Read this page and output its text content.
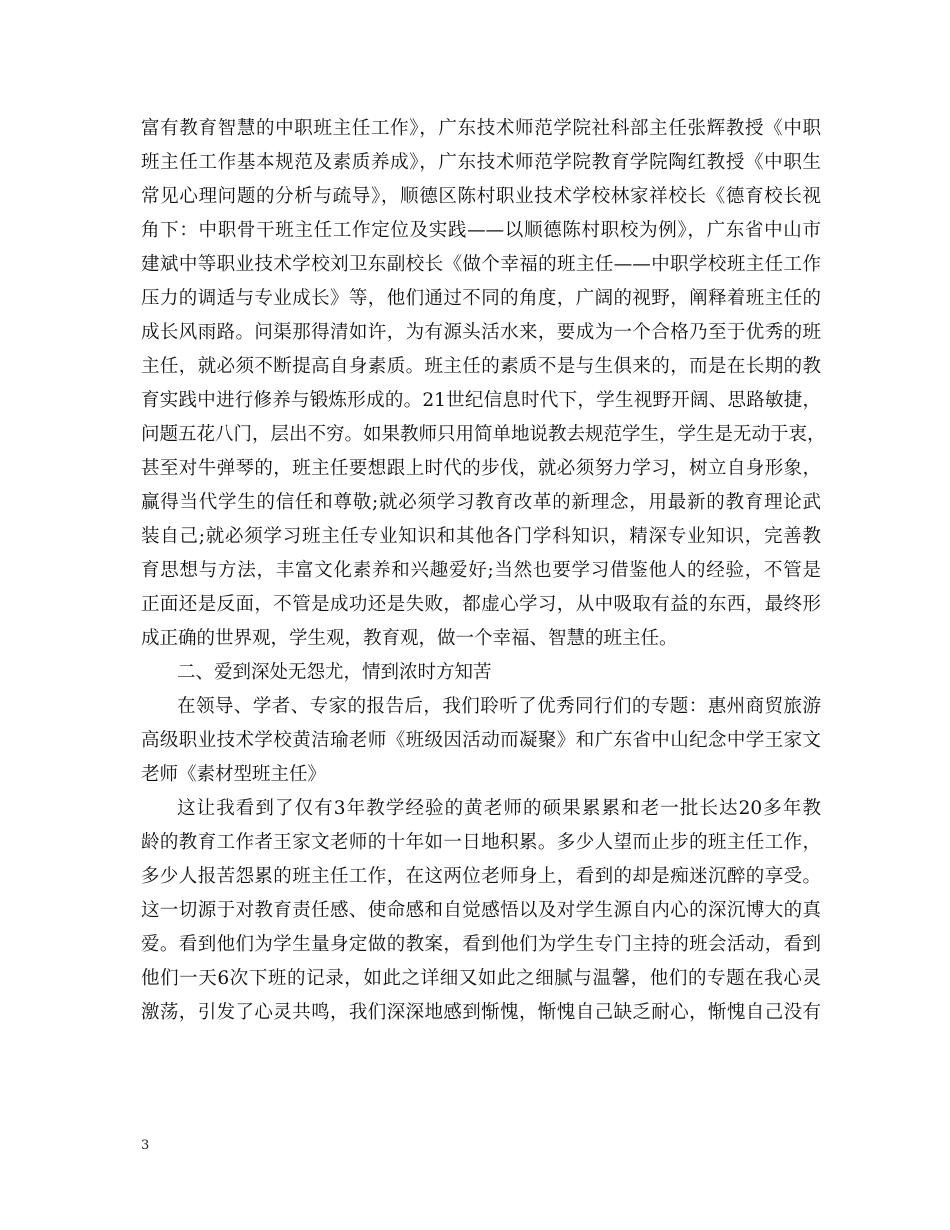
富有教育智慧的中职班主任工作》，广东技术师范学院社科部主任张辉教授《中职
班主任工作基本规范及素质养成》，广东技术师范学院教育学院陶红教授《中职生
常见心理问题的分析与疏导》，顺德区陈村职业技术学校林家祥校长《德育校长视
角下：中职骨干班主任工作定位及实践——以顺德陈村职校为例》，广东省中山市
建斌中等职业技术学校刘卫东副校长《做个幸福的班主任——中职学校班主任工作
压力的调适与专业成长》等，他们通过不同的角度，广阔的视野，阐释着班主任的
成长风雨路。问渠那得清如许，为有源头活水来，要成为一个合格乃至于优秀的班
主任，就必须不断提高自身素质。班主任的素质不是与生俱来的，而是在长期的教
育实践中进行修养与锻炼形成的。21世纪信息时代下，学生视野开阔、思路敏捷，
问题五花八门，层出不穷。如果教师只用简单地说教去规范学生，学生是无动于衷，
甚至对牛弹琴的，班主任要想跟上时代的步伐，就必须努力学习，树立自身形象，
赢得当代学生的信任和尊敬;就必须学习教育改革的新理念，用最新的教育理论武
装自己;就必须学习班主任专业知识和其他各门学科知识，精深专业知识，完善教
育思想与方法，丰富文化素养和兴趣爱好;当然也要学习借鉴他人的经验，不管是
正面还是反面，不管是成功还是失败，都虚心学习，从中吸取有益的东西，最终形
成正确的世界观，学生观，教育观，做一个幸福、智慧的班主任。
二、爱到深处无怨尤，情到浓时方知苦
在领导、学者、专家的报告后，我们聆听了优秀同行们的专题：惠州商贸旅游
高级职业技术学校黄洁瑜老师《班级因活动而凝聚》和广东省中山纪念中学王家文
老师《素材型班主任》
这让我看到了仅有3年教学经验的黄老师的硕果累累和老一批长达20多年教
龄的教育工作者王家文老师的十年如一日地积累。多少人望而止步的班主任工作，
多少人报苦怨累的班主任工作，在这两位老师身上，看到的却是痴迷沉醉的享受。
这一切源于对教育责任感、使命感和自觉感悟以及对学生源自内心的深沉博大的真
爱。看到他们为学生量身定做的教案，看到他们为学生专门主持的班会活动，看到
他们一天6次下班的记录，如此之详细又如此之细腻与温馨，他们的专题在我心灵
激荡，引发了心灵共鸣，我们深深地感到惭愧，惭愧自己缺乏耐心，惭愧自己没有
3
